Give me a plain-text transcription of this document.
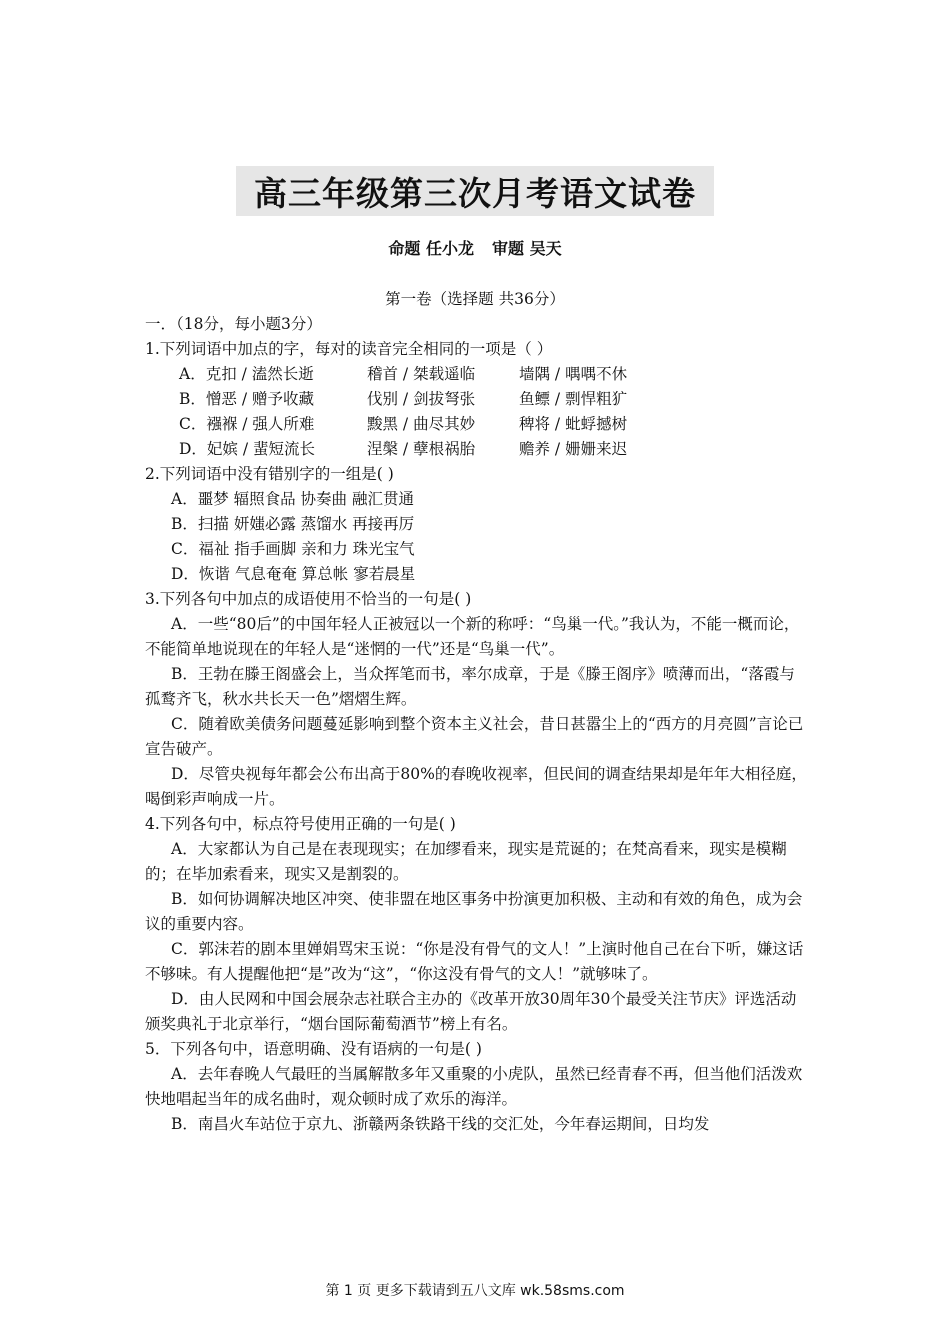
高三年级第三次月考语文试卷
命题 任小龙 审题 吴天
第一卷（选择题 共36分）
一．（18分，每小题3分）
1.下列词语中加点的字，每对的读音完全相同的一项是（ ）
A．克扣 / 溘然长逝	稽首 / 桀载遥临	墙隅 / 喁喁不休
B．憎恶 / 赠予收藏	伐别 / 剑拔弩张	鱼鳔 / 剽悍粗犷
C．襁褓 / 强人所难	黢黑 / 曲尽其妙	稗将 / 蚍蜉撼树
D．妃嫔 / 蜚短流长	涅槃 / 孽根祸胎	赡养 / 姗姗来迟
2.下列词语中没有错别字的一组是( )
A．噩梦 辐照食品 协奏曲 融汇贯通
B．扫描 妍媸必露 蒸馏水 再接再厉
C．福祉 指手画脚 亲和力 珠光宝气
D．恢谐 气息奄奄 算总帐 寥若晨星
3.下列各句中加点的成语使用不恰当的一句是( )
A．一些“80后”的中国年轻人正被冠以一个新的称呼：“鸟巢一代。”我认为，不能一概而论，不能简单地说现在的年轻人是“迷惘的一代”还是“鸟巢一代”。
B．王勃在滕王阁盛会上，当众挥笔而书，率尔成章，于是《滕王阁序》喷薄而出，“落霞与孤鹜齐飞，秋水共长天一色”熠熠生辉。
C．随着欧美债务问题蔓延影响到整个资本主义社会，昔日甚嚣尘上的“西方的月亮圆”言论已宣告破产。
D．尽管央视每年都会公布出高于80%的春晚收视率，但民间的调查结果却是年年大相径庭，喝倒彩声响成一片。
4.下列各句中，标点符号使用正确的一句是( )
A．大家都认为自己是在表现现实；在加缪看来，现实是荒诞的；在梵高看来，现实是模糊的；在毕加索看来，现实又是割裂的。
B．如何协调解决地区冲突、使非盟在地区事务中扮演更加积极、主动和有效的角色，成为会议的重要内容。
C．郭沫若的剧本里婵娟骂宋玉说：“你是没有骨气的文人！”上演时他自己在台下听，嫌这话不够味。有人提醒他把“是”改为“这”，“你这没有骨气的文人！”就够味了。
D．由人民网和中国会展杂志社联合主办的《改革开放30周年30个最受关注节庆》评选活动颁奖典礼于北京举行，“烟台国际葡萄酒节”榜上有名。
5．下列各句中，语意明确、没有语病的一句是( )
A．去年春晚人气最旺的当属解散多年又重聚的小虎队，虽然已经青春不再，但当他们活泼欢快地唱起当年的成名曲时，观众顿时成了欢乐的海洋。
B．南昌火车站位于京九、浙赣两条铁路干线的交汇处，今年春运期间，日均发
第 1 页 更多下载请到五八文库 wk.58sms.com
